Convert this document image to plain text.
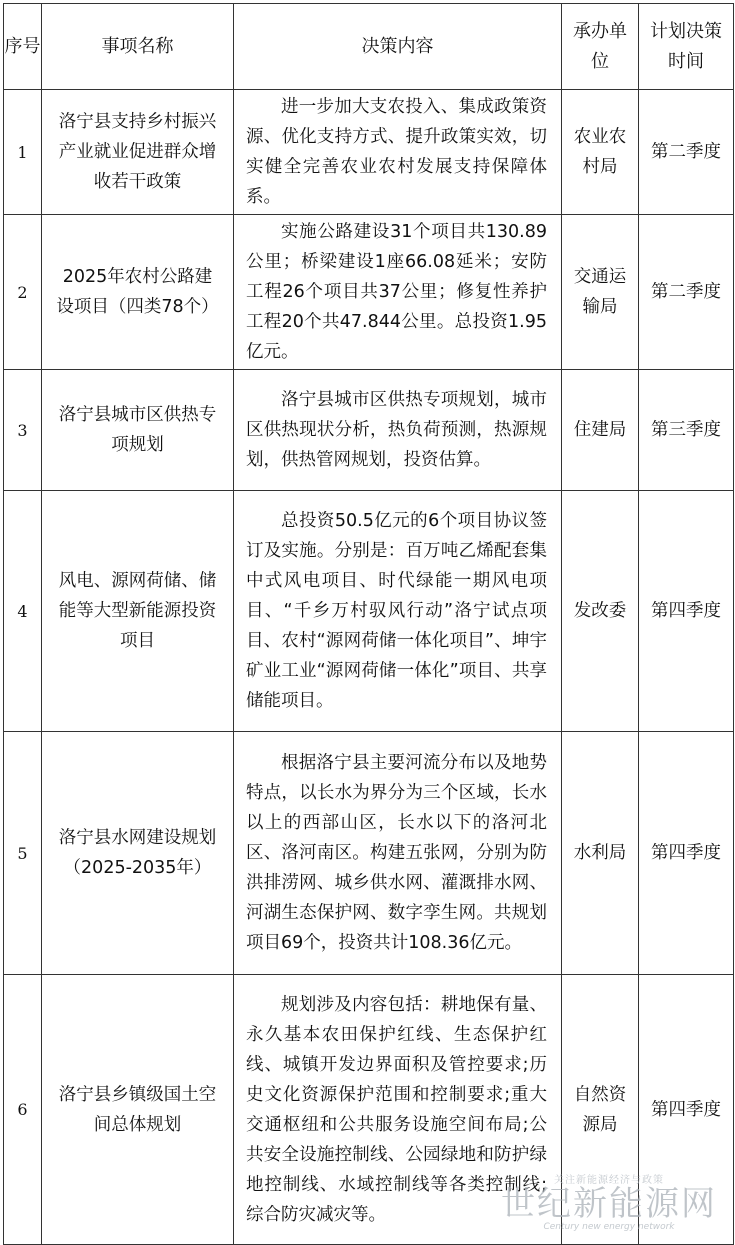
序号	事项名称	决策内容	承办单位	计划决策时间
1	洛宁县支持乡村振兴产业就业促进群众增收若干政策	进一步加大支农投入、集成政策资源、优化支持方式、提升政策实效，切实健全完善农业农村发展支持保障体系。	农业农村局	第二季度
2	2025年农村公路建设项目（四类78个）	实施公路建设31个项目共130.89公里；桥梁建设1座66.08延米；安防工程26个项目共37公里；修复性养护工程20个共47.844公里。总投资1.95亿元。	交通运输局	第二季度
3	洛宁县城市区供热专项规划	洛宁县城市区供热专项规划，城市区供热现状分析，热负荷预测，热源规划，供热管网规划，投资估算。	住建局	第三季度
4	风电、源网荷储、储能等大型新能源投资项目	总投资50.5亿元的6个项目协议签订及实施。分别是：百万吨乙烯配套集中式风电项目、时代绿能一期风电项目、“千乡万村驭风行动”洛宁试点项目、农村“源网荷储一体化项目”、坤宇矿业工业“源网荷储一体化”项目、共享储能项目。	发改委	第四季度
5	洛宁县水网建设规划（2025-2035年）	根据洛宁县主要河流分布以及地势特点，以长水为界分为三个区域，长水以上的西部山区，长水以下的洛河北区、洛河南区。构建五张网，分别为防洪排涝网、城乡供水网、灌溉排水网、河湖生态保护网、数字孪生网。共规划项目69个，投资共计108.36亿元。	水利局	第四季度
6	洛宁县乡镇级国土空间总体规划	规划涉及内容包括：耕地保有量、永久基本农田保护红线、生态保护红线、城镇开发边界面积及管控要求;历史文化资源保护范围和控制要求;重大交通枢纽和公共服务设施空间布局;公共安全设施控制线、公园绿地和防护绿地控制线、水域控制线等各类控制线;综合防灾减灾等。	自然资源局	第四季度
关注新能源经济与政策
世纪新能源网
Century new energy network
